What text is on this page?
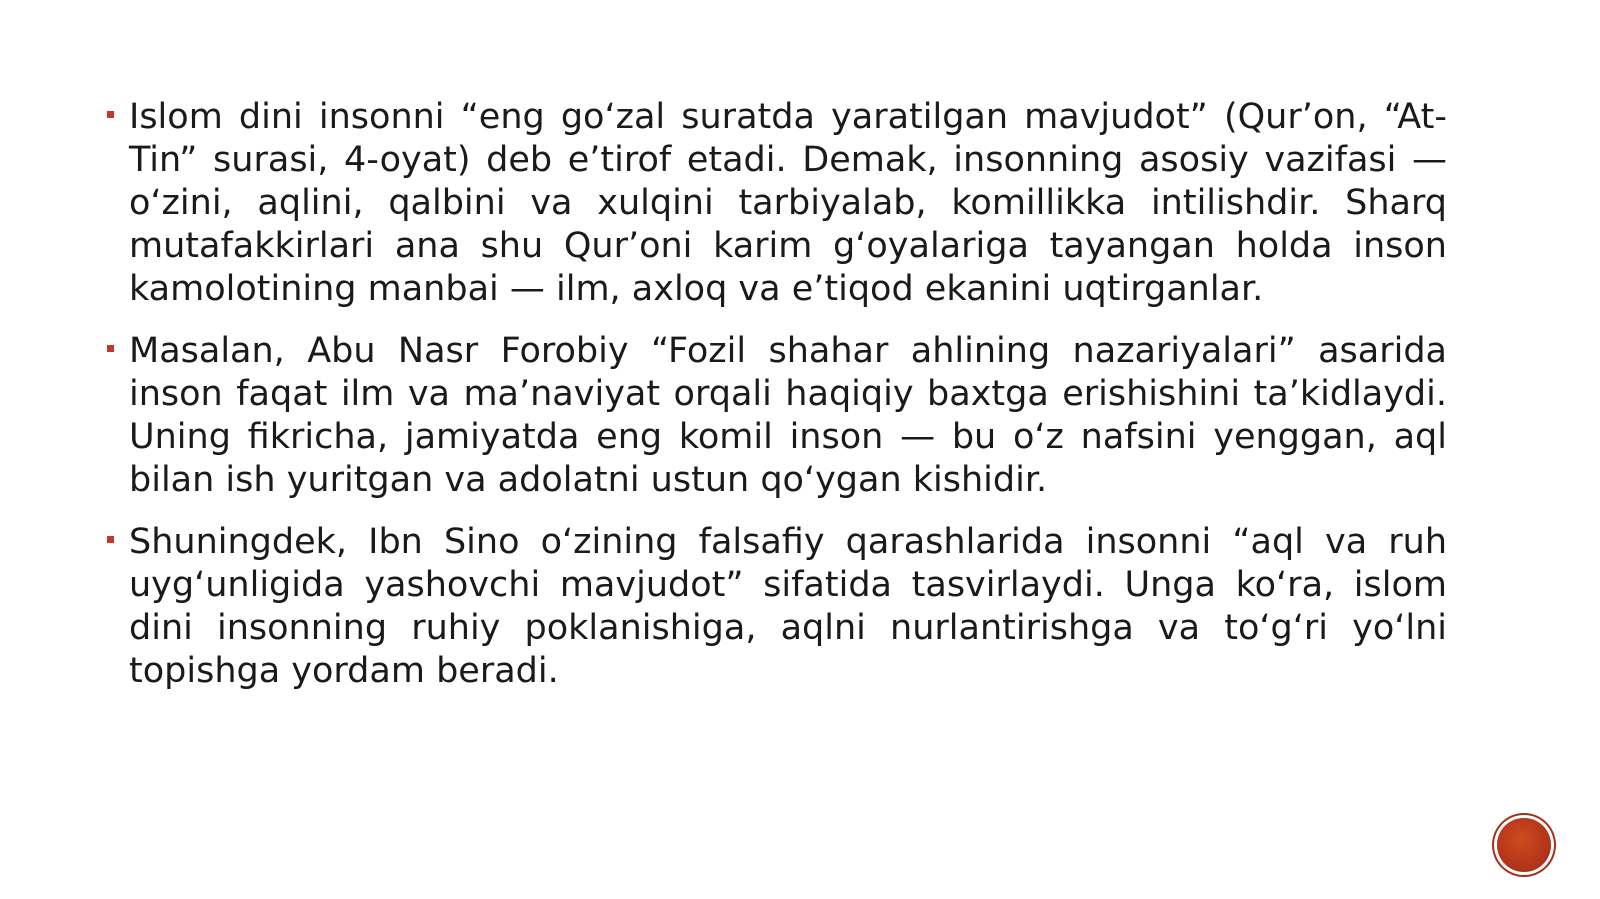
Islom dini insonni “eng go‘zal suratda yaratilgan mavjudot” (Qur’on, “At-Tin” surasi, 4-oyat) deb e’tirof etadi. Demak, insonning asosiy vazifasi — o‘zini, aqlini, qalbini va xulqini tarbiyalab, komillikka intilishdir. Sharq mutafakkirlari ana shu Qur’oni karim g‘oyalariga tayangan holda inson kamolotining manbai — ilm, axloq va e’tiqod ekanini uqtirganlar.

Masalan, Abu Nasr Forobiy “Fozil shahar ahlining nazariyalari” asarida inson faqat ilm va ma’naviyat orqali haqiqiy baxtga erishishini ta’kidlaydi. Uning fikricha, jamiyatda eng komil inson — bu o‘z nafsini yenggan, aql bilan ish yuritgan va adolatni ustun qo‘ygan kishidir.

Shuningdek, Ibn Sino o‘zining falsafiy qarashlarida insonni “aql va ruh uyg‘unligida yashovchi mavjudot” sifatida tasvirlaydi. Unga ko‘ra, islom dini insonning ruhiy poklanishiga, aqlni nurlantirishga va to‘g‘ri yo‘lni topishga yordam beradi.
